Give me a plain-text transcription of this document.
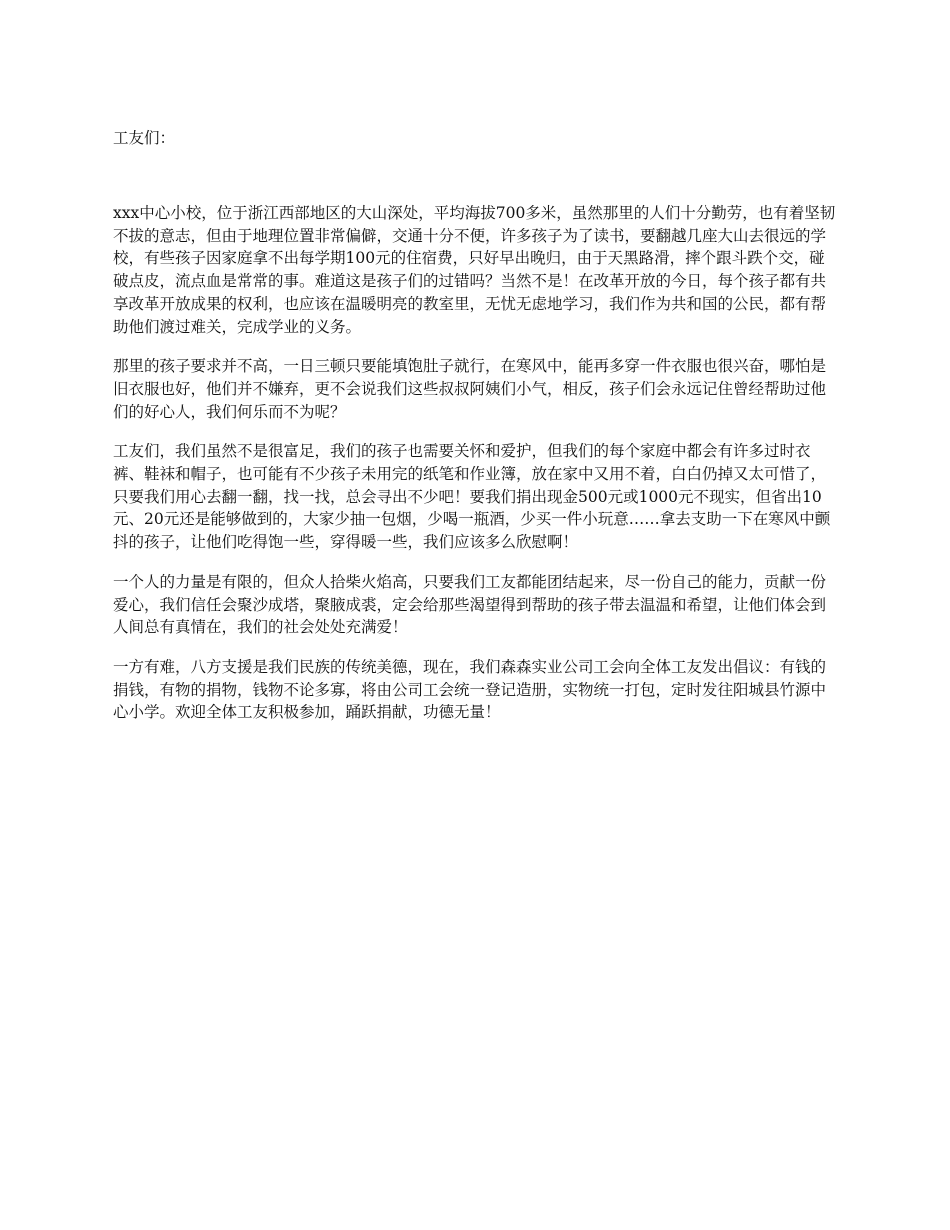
工友们：

xxx中心小校，位于浙江西部地区的大山深处，平均海拔700多米，虽然那里的人们十分勤劳，也有着坚韧不拔的意志，但由于地理位置非常偏僻，交通十分不便，许多孩子为了读书，要翻越几座大山去很远的学校，有些孩子因家庭拿不出每学期100元的住宿费，只好早出晚归，由于天黑路滑，摔个跟斗跌个交，碰破点皮，流点血是常常的事。难道这是孩子们的过错吗？当然不是！在改革开放的今日，每个孩子都有共享改革开放成果的权利，也应该在温暖明亮的教室里，无忧无虑地学习，我们作为共和国的公民，都有帮助他们渡过难关，完成学业的义务。

那里的孩子要求并不高，一日三顿只要能填饱肚子就行，在寒风中，能再多穿一件衣服也很兴奋，哪怕是旧衣服也好，他们并不嫌弃，更不会说我们这些叔叔阿姨们小气，相反，孩子们会永远记住曾经帮助过他们的好心人，我们何乐而不为呢？

工友们，我们虽然不是很富足，我们的孩子也需要关怀和爱护，但我们的每个家庭中都会有许多过时衣裤、鞋袜和帽子，也可能有不少孩子未用完的纸笔和作业簿，放在家中又用不着，白白仍掉又太可惜了，只要我们用心去翻一翻，找一找，总会寻出不少吧！要我们捐出现金500元或1000元不现实，但省出10元、20元还是能够做到的，大家少抽一包烟，少喝一瓶酒，少买一件小玩意……拿去支助一下在寒风中颤抖的孩子，让他们吃得饱一些，穿得暖一些，我们应该多么欣慰啊！

一个人的力量是有限的，但众人拾柴火焰高，只要我们工友都能团结起来，尽一份自己的能力，贡献一份爱心，我们信任会聚沙成塔，聚腋成裘，定会给那些渴望得到帮助的孩子带去温温和希望，让他们体会到人间总有真情在，我们的社会处处充满爱！

一方有难，八方支援是我们民族的传统美德，现在，我们森森实业公司工会向全体工友发出倡议：有钱的捐钱，有物的捐物，钱物不论多寡，将由公司工会统一登记造册，实物统一打包，定时发往阳城县竹源中心小学。欢迎全体工友积极参加，踊跃捐献，功德无量！
